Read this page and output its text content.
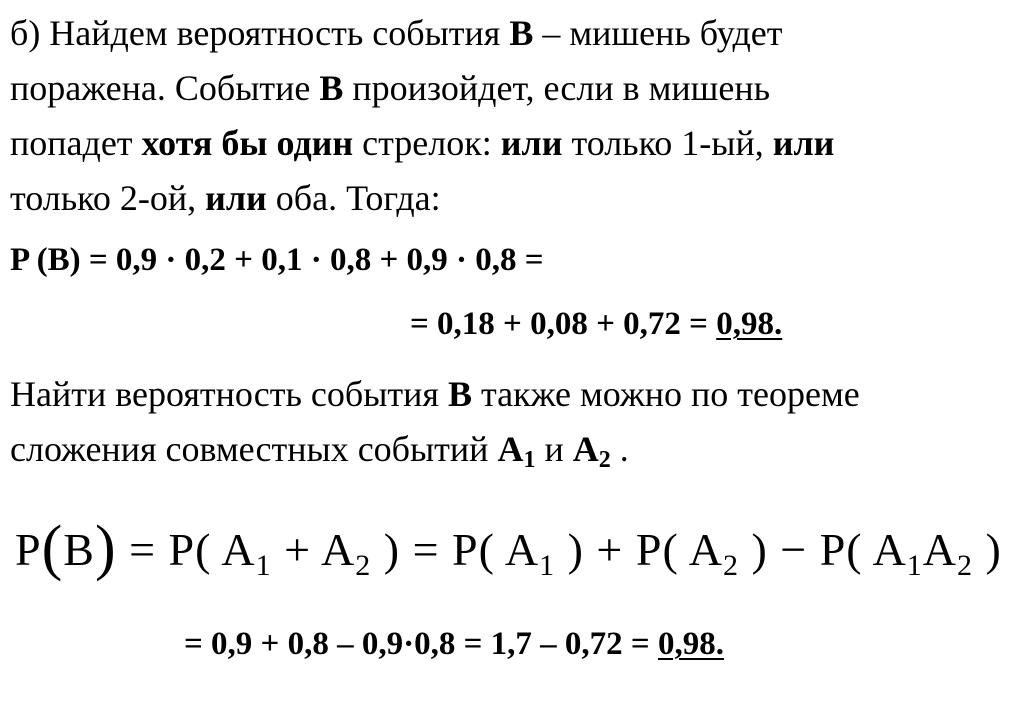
б) Найдем вероятность события B – мишень будет
поражена. Событие B произойдет, если в мишень
попадет хотя бы один стрелок: или только 1-ый, или
только 2-ой, или оба. Тогда:

P (B) = 0,9 · 0,2 + 0,1 · 0,8 + 0,9 · 0,8 =
= 0,18 + 0,08 + 0,72 = 0,98.

Найти вероятность события B также можно по теореме
сложения совместных событий $A_1$ и $A_2$ .

P(B) = P( $A_1 + A_2$ ) = P( $A_1$ ) + P( $A_2$ ) − P( $A_1A_2$ )
= 0,9 + 0,8 – 0,9·0,8 = 1,7 – 0,72 = 0,98.
